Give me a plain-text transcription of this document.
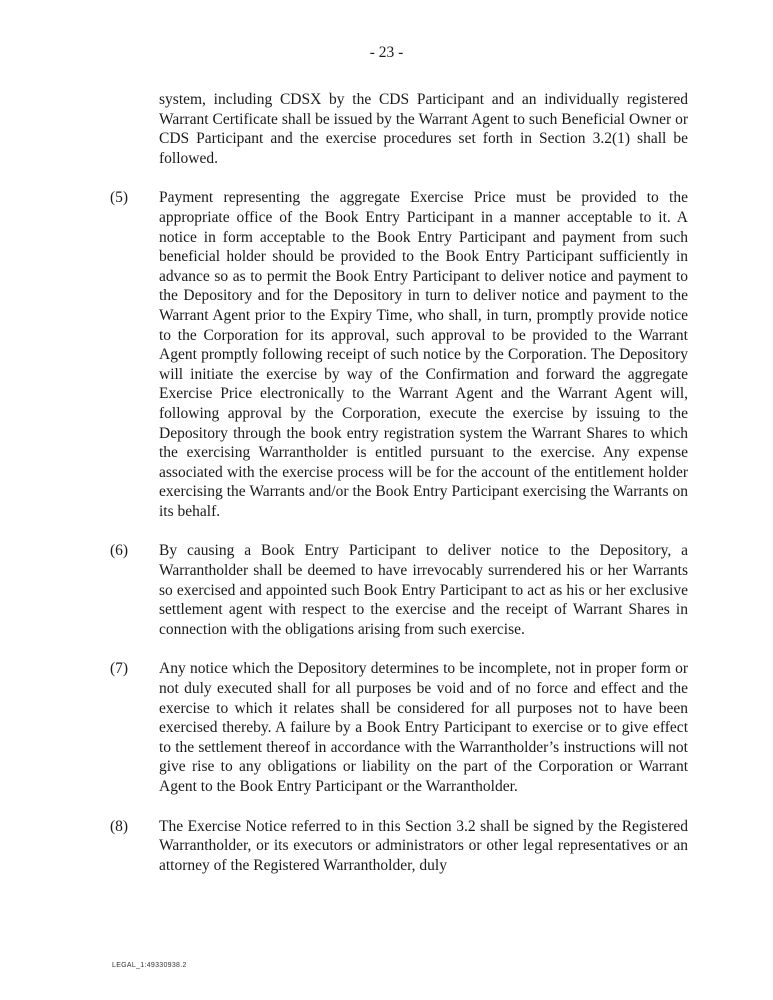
- 23 -
system, including CDSX by the CDS Participant and an individually registered Warrant Certificate shall be issued by the Warrant Agent to such Beneficial Owner or CDS Participant and the exercise procedures set forth in Section 3.2(1) shall be followed.
(5)	Payment representing the aggregate Exercise Price must be provided to the appropriate office of the Book Entry Participant in a manner acceptable to it. A notice in form acceptable to the Book Entry Participant and payment from such beneficial holder should be provided to the Book Entry Participant sufficiently in advance so as to permit the Book Entry Participant to deliver notice and payment to the Depository and for the Depository in turn to deliver notice and payment to the Warrant Agent prior to the Expiry Time, who shall, in turn, promptly provide notice to the Corporation for its approval, such approval to be provided to the Warrant Agent promptly following receipt of such notice by the Corporation. The Depository will initiate the exercise by way of the Confirmation and forward the aggregate Exercise Price electronically to the Warrant Agent and the Warrant Agent will, following approval by the Corporation, execute the exercise by issuing to the Depository through the book entry registration system the Warrant Shares to which the exercising Warrantholder is entitled pursuant to the exercise. Any expense associated with the exercise process will be for the account of the entitlement holder exercising the Warrants and/or the Book Entry Participant exercising the Warrants on its behalf.
(6)	By causing a Book Entry Participant to deliver notice to the Depository, a Warrantholder shall be deemed to have irrevocably surrendered his or her Warrants so exercised and appointed such Book Entry Participant to act as his or her exclusive settlement agent with respect to the exercise and the receipt of Warrant Shares in connection with the obligations arising from such exercise.
(7)	Any notice which the Depository determines to be incomplete, not in proper form or not duly executed shall for all purposes be void and of no force and effect and the exercise to which it relates shall be considered for all purposes not to have been exercised thereby. A failure by a Book Entry Participant to exercise or to give effect to the settlement thereof in accordance with the Warrantholder’s instructions will not give rise to any obligations or liability on the part of the Corporation or Warrant Agent to the Book Entry Participant or the Warrantholder.
(8)	The Exercise Notice referred to in this Section 3.2 shall be signed by the Registered Warrantholder, or its executors or administrators or other legal representatives or an attorney of the Registered Warrantholder, duly
LEGAL_1:49330938.2
